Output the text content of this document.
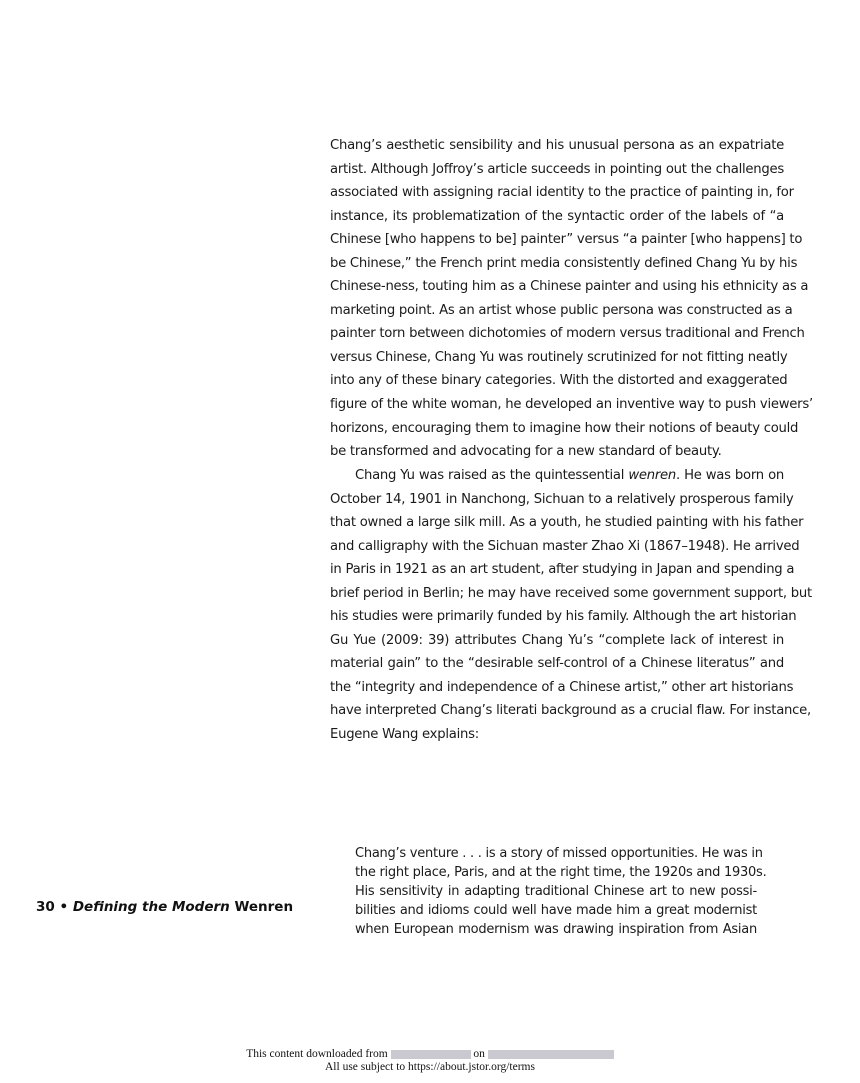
Chang’s aesthetic sensibility and his unusual persona as an expatriate
artist. Although Joffroy’s article succeeds in pointing out the challenges
associated with assigning racial identity to the practice of painting in, for
instance, its problematization of the syntactic order of the labels of “a
Chinese [who happens to be] painter” versus “a painter [who happens] to
be Chinese,” the French print media consistently defined Chang Yu by his
Chinese-ness, touting him as a Chinese painter and using his ethnicity as a
marketing point. As an artist whose public persona was constructed as a
painter torn between dichotomies of modern versus traditional and French
versus Chinese, Chang Yu was routinely scrutinized for not fitting neatly
into any of these binary categories. With the distorted and exaggerated
figure of the white woman, he developed an inventive way to push viewers’
horizons, encouraging them to imagine how their notions of beauty could
be transformed and advocating for a new standard of beauty.
Chang Yu was raised as the quintessential wenren. He was born on
October 14, 1901 in Nanchong, Sichuan to a relatively prosperous family
that owned a large silk mill. As a youth, he studied painting with his father
and calligraphy with the Sichuan master Zhao Xi (1867–1948). He arrived
in Paris in 1921 as an art student, after studying in Japan and spending a
brief period in Berlin; he may have received some government support, but
his studies were primarily funded by his family. Although the art historian
Gu Yue (2009: 39) attributes Chang Yu’s “complete lack of interest in
material gain” to the “desirable self-control of a Chinese literatus” and
the “integrity and independence of a Chinese artist,” other art historians
have interpreted Chang’s literati background as a crucial flaw. For instance,
Eugene Wang explains:
Chang’s venture . . . is a story of missed opportunities. He was in
the right place, Paris, and at the right time, the 1920s and 1930s.
His sensitivity in adapting traditional Chinese art to new possi-
bilities and idioms could well have made him a great modernist
when European modernism was drawing inspiration from Asian
30 • Defining the Modern Wenren
This content downloaded from	on
All use subject to https://about.jstor.org/terms
